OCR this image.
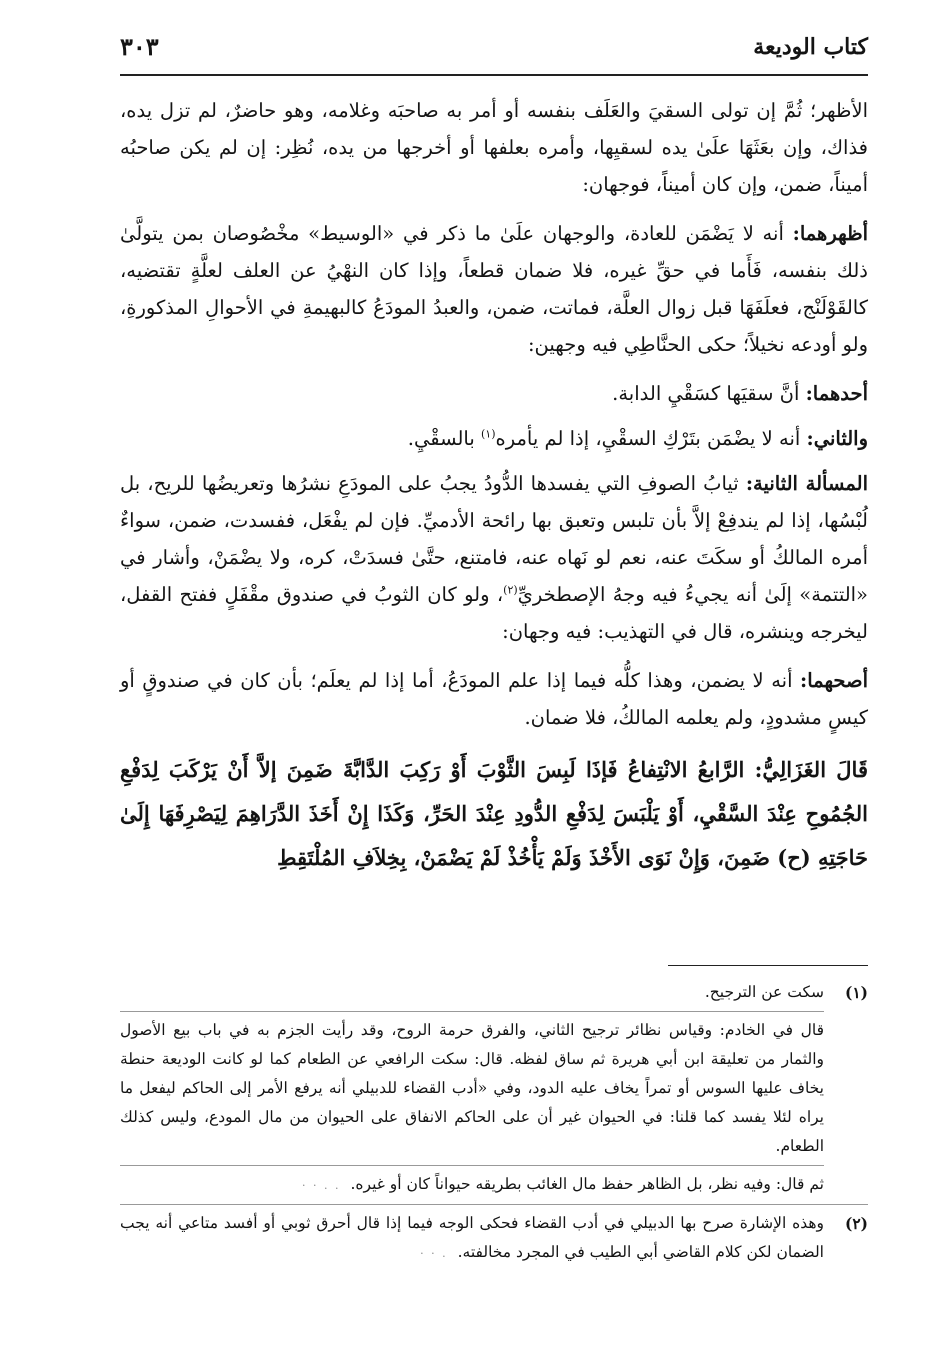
كتاب الوديعة
٣٠٣

الأظهر؛ ثُمَّ إن تولى السقيَ والعَلَف بنفسه أو أمر به صاحبَه وغلامه، وهو حاضرٌ، لم تزل يده، فذاك، وإن بعَثَهَا علَىٰ يده لسقيِها، وأمره بعلفها أو أخرجها من يده، نُظِر: إن لم يكن صاحبُه أميناً، ضمن، وإن كان أميناً، فوجهان:

أظهرهما: أنه لا يَضْمَن للعادة، والوجهان علَىٰ ما ذكر في «الوسيط» مخْصُوصان بمن يتولَّىٰ ذلك بنفسه، فَأَما في حقِّ غيره، فلا ضمان قطعاً، وإذا كان النهْيُ عن العلف لعلَّةٍ تقتضيه، كالقَوْلَنْج، فعلَفَهَا قبل زوال العلَّة، فماتت، ضمن، والعبدُ المودَعُ كالبهيمةِ في الأحوالِ المذكورةِ، ولو أودعه نخيلاً؛ حكى الحنَّاطِي فيه وجهين:

أحدهما: أنَّ سقيَها كسَقْيِ الدابة.

والثاني: أنه لا يضْمَن بتَرْكِ السقْيِ، إذا لم يأمره$^{(١)}$ بالسقْيِ.

المسألة الثانية: ثيابُ الصوفِ التي يفسدها الدُّودُ يجبُ على المودَعِ نشرُها وتعريضُها للريح، بل لُبْسُها، إذا لم يندفِعْ إلاَّ بأن تلبس وتعبق بها رائحة الأدميِّ. فإن لم يفْعَل، ففسدت، ضمن، سواءٌ أمره المالكُ أو سكَتَ عنه، نعم لو نَهاه عنه، فامتنع، حتَّىٰ فسدَتْ، كره، ولا يضْمَنْ، وأشار في «التتمة» إلَىٰ أنه يجيءُ فيه وجهُ الإصطخريِّ$^{(٢)}$، ولو كان الثوبُ في صندوق مقْفَلٍ ففتح القفل، ليخرجه وينشره، قال في التهذيب: فيه وجهان:

أصحهما: أنه لا يضمن، وهذا كلُّه فيما إذا علم المودَعُ، أما إذا لم يعلَم؛ بأن كان في صندوقٍ أو كيسٍ مشدودٍ، ولم يعلمه المالكُ، فلا ضمان.

قَالَ الغَزَالِيُّ: الرَّابعُ الانْتِفاعُ فَإذَا لَبِسَ الثَّوْبَ أَوْ رَكِبَ الدَّابَّةَ ضَمِنَ إلاَّ أَنْ يَرْكَبَ لِدَفْعِ الجُمُوحِ عِنْدَ السَّقْيِ، أَوْ يَلْبَسَ لِدَفْعِ الدُّودِ عِنْدَ الحَرِّ، وَكَذَا إِنْ أَخَذَ الدَّرَاهِمَ لِيَصْرِفَهَا إِلَىٰ حَاجَتِهِ (ح) ضَمِنَ، وَإِنْ نَوَى الأَخْذَ وَلَمْ يَأْخُذْ لَمْ يَضْمَنْ، بِخِلاَفِ المُلْتَقِطِ

(١)

سكت عن الترجيح.

قال في الخادم: وقياس نظائر ترجيح الثاني، والفرق حرمة الروح، وقد رأيت الجزم به في باب بيع الأصول والثمار من تعليقة ابن أبي هريرة ثم ساق لفظه. قال: سكت الرافعي عن الطعام كما لو كانت الوديعة حنطة يخاف عليها السوس أو تمراً يخاف عليه الدود، وفي «أدب القضاء للدبيلي أنه يرفع الأمر إلى الحاكم ليفعل ما يراه لئلا يفسد كما قلنا: في الحيوان غير أن على الحاكم الانفاق على الحيوان من مال المودع، وليس كذلك الطعام.

ثم قال: وفيه نظر، بل الظاهر حفظ مال الغائب بطريقه حيواناً كان أو غيره.. . · ·

(٢)

وهذه الإشارة صرح بها الدبيلي في أدب القضاء فحكى الوجه فيما إذا قال أحرق ثوبي أو أفسد متاعي أنه يجب الضمان لكن كلام القاضي أبي الطيب في المجرد مخالفته.. · ·
